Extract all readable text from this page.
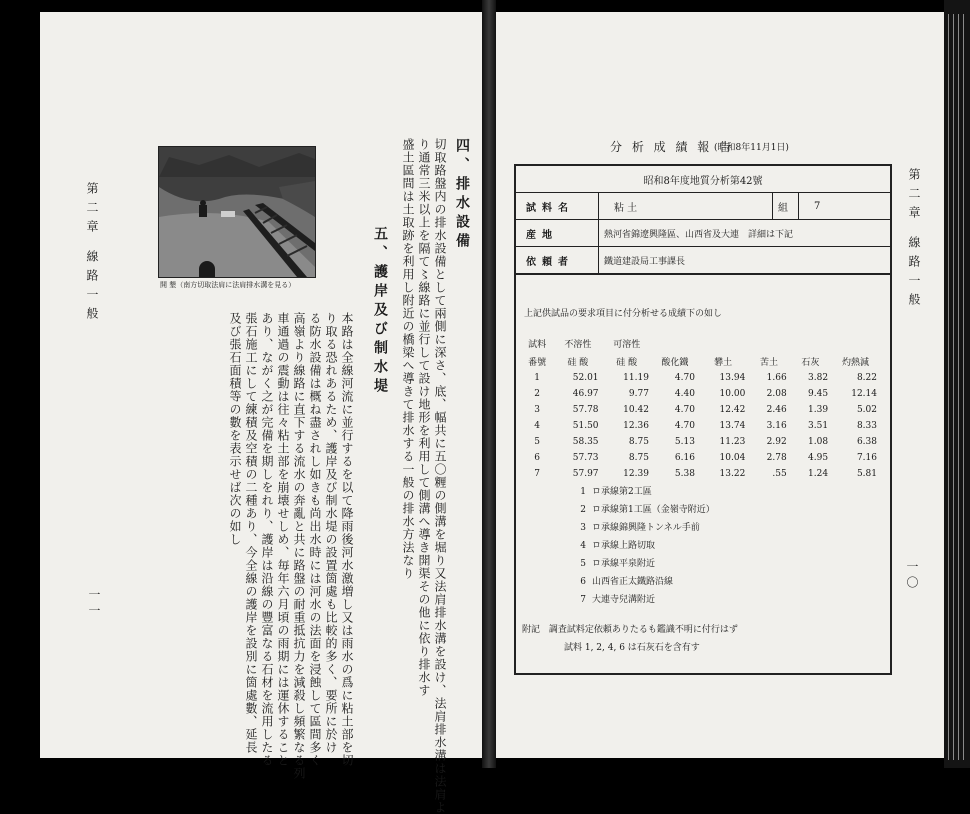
四、排水設備
切取路盤内の排水設備として兩側に深さ、底、幅共に五〇糎の側溝を堀り又法肩排水溝を設け、法肩排水溝は法肩よ
り通常三米以上を隔て〻線路に並行して設け地形を利用して側溝へ導き開渠その他に依り排水す
盛土區間は土取跡を利用し附近の橋梁へ導きて排水する一般の排水方法なり
五、護岸及び制水堤
本路は全線河流に並行するを以て降雨後河水激増し又は雨水の爲に粘土部を切
り取る恐れあるため、護岸及び制水堤の設置箇處も比較的多く、要所に於け
る防水設備は概ね盡されし如きも尚出水時には河水の法面を浸蝕して區間多く
高嶺より線路に直下する流水の奔亂と共に路盤の耐重抵抗力を減殺し頻繁なる列
車通過の震動は往々粘土部を崩壊せしめ、毎年六月頃の雨期には運休すること
あり、ながく之が完備を期しをれり、護岸は沿線の豐富なる石材を流用したる
張石施工にして練積及空積の二種あり、今全線の護岸を設別に箇處數、延長
及び張石面積等の數を表示せば次の如し
開 墾（南方切取法肩に法肩排水溝を見る）
第二章 線路一般
一一
分 析 成 績 報 告
(昭和8年11月1日)
昭和8年度地質分析第42號
試料名	粘 土	組	7
産地	熱河省錦遼興隆區、山西省及大連　詳細は下記
依頼者	鐵道建設局工事課長
上記供試品の要求項目に付分析せる成績下の如し
試料	不溶性	可溶性					
番號	硅 酸	硅 酸	酸化鐵	礬土	苦土	石灰	灼熱減
1	52.01	11.19	4.70	13.94	1.66	3.82	8.22
2	46.97	9.77	4.40	10.00	2.08	9.45	12.14
3	57.78	10.42	4.70	12.42	2.46	1.39	5.02
4	51.50	12.36	4.70	13.74	3.16	3.51	8.33
5	58.35	8.75	5.13	11.23	2.92	1.08	6.38
6	57.73	8.75	6.16	10.04	2.78	4.95	7.16
7	57.97	12.39	5.38	13.22	.55	1.24	5.81
1 ロ承線第2工區
2 ロ承線第1工區（金嶺寺附近）
3 ロ承線錦興隆トンネル手前
4 ロ承線上路切取
5 ロ承線平泉附近
6 山西省正太鐵路沿線
7 大連寺兒溝附近
附記 調査試料定依頼ありたるも鑑識不明に付行はず
試料 1, 2, 4, 6 は石灰石を含有す
第二章 線路一般
一〇
